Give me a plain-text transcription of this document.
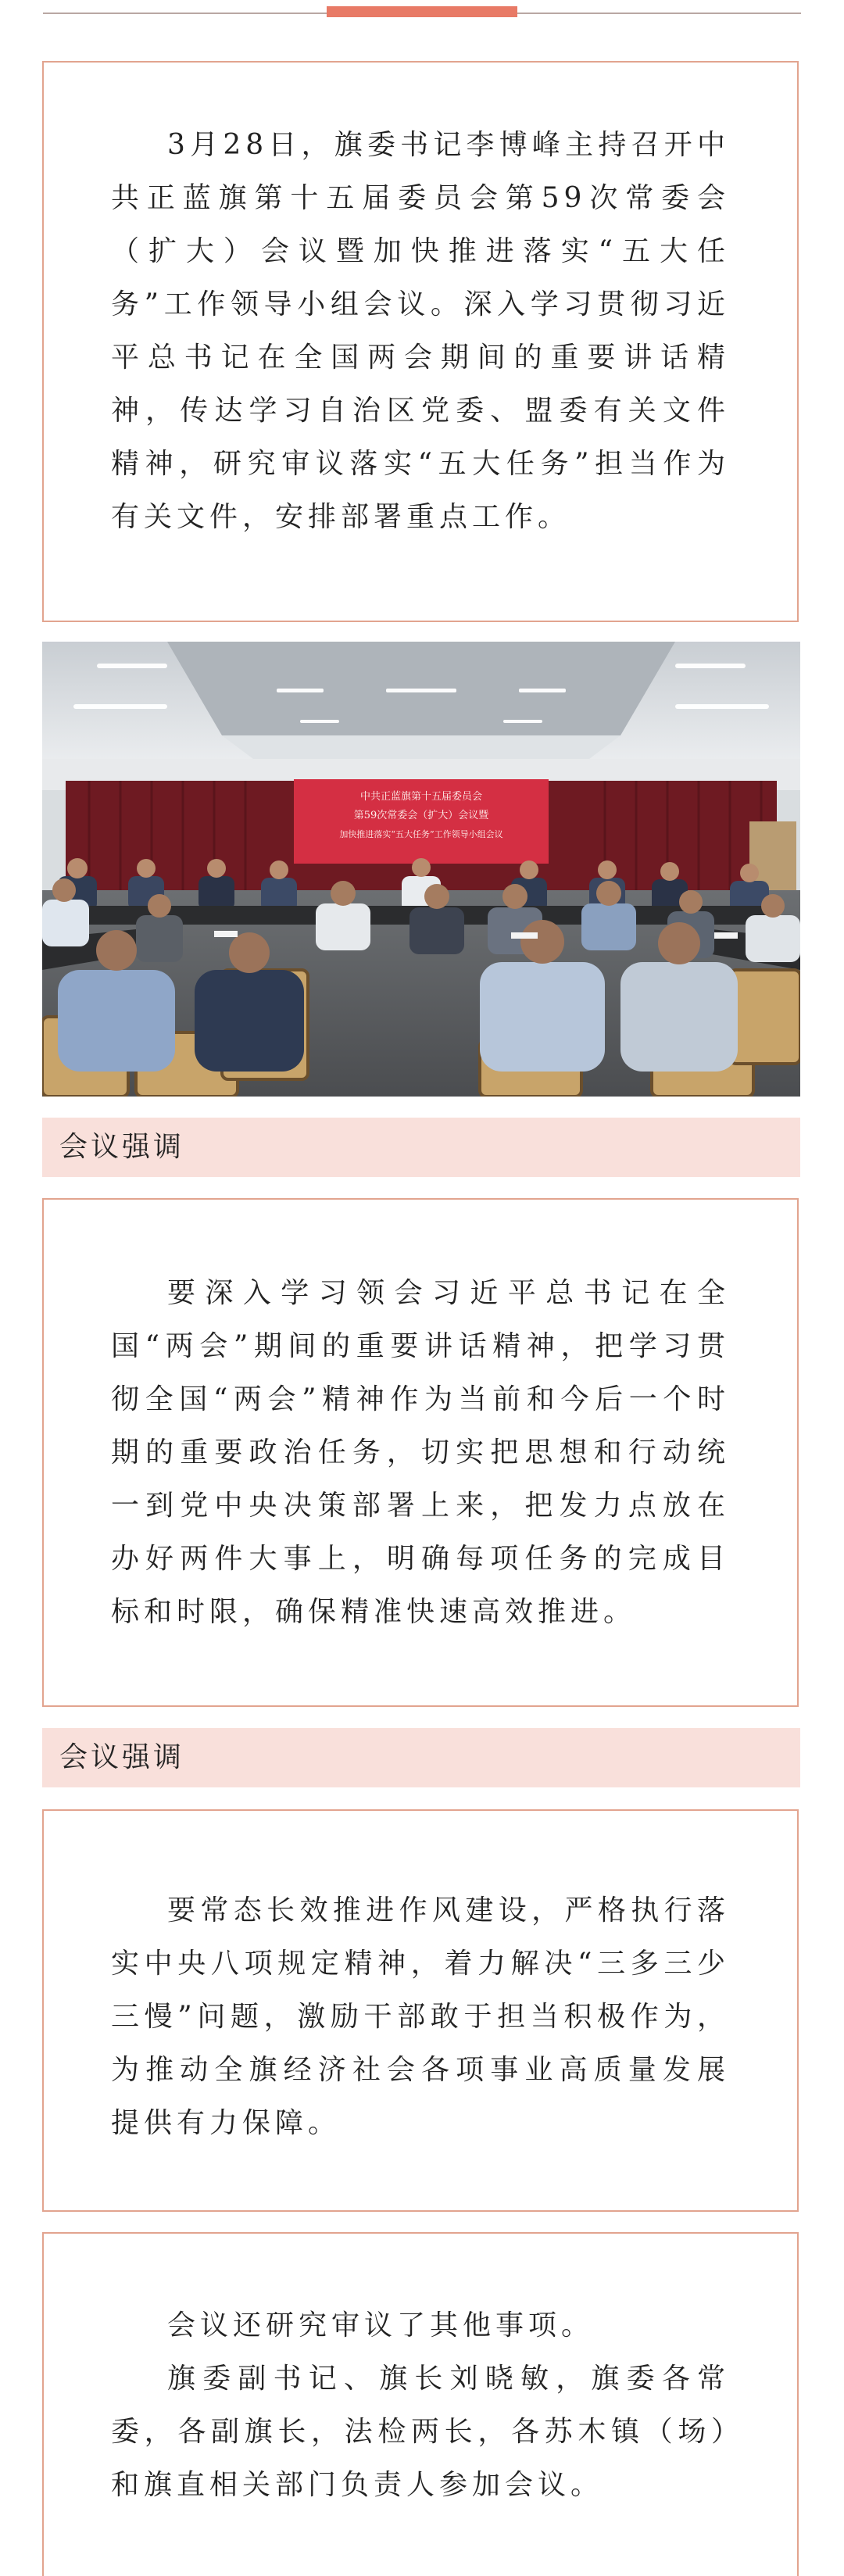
3月28日，旗委书记李博峰主持召开中共正蓝旗第十五届委员会第59次常委会（扩大）会议暨加快推进落实“五大任务”工作领导小组会议。深入学习贯彻习近平总书记在全国两会期间的重要讲话精神，传达学习自治区党委、盟委有关文件精神，研究审议落实“五大任务”担当作为有关文件，安排部署重点工作。

中共正蓝旗第十五届委员会
第59次常委会（扩大）会议暨
加快推进落实“五大任务”工作领导小组会议
会议强调

要深入学习领会习近平总书记在全国“两会”期间的重要讲话精神，把学习贯彻全国“两会”精神作为当前和今后一个时期的重要政治任务，切实把思想和行动统一到党中央决策部署上来，把发力点放在办好两件大事上，明确每项任务的完成目标和时限，确保精准快速高效推进。

会议强调

要常态长效推进作风建设，严格执行落实中央八项规定精神，着力解决“三多三少三慢”问题，激励干部敢于担当积极作为，为推动全旗经济社会各项事业高质量发展提供有力保障。

会议还研究审议了其他事项。

旗委副书记、旗长刘晓敏，旗委各常委，各副旗长，法检两长，各苏木镇（场）和旗直相关部门负责人参加会议。
